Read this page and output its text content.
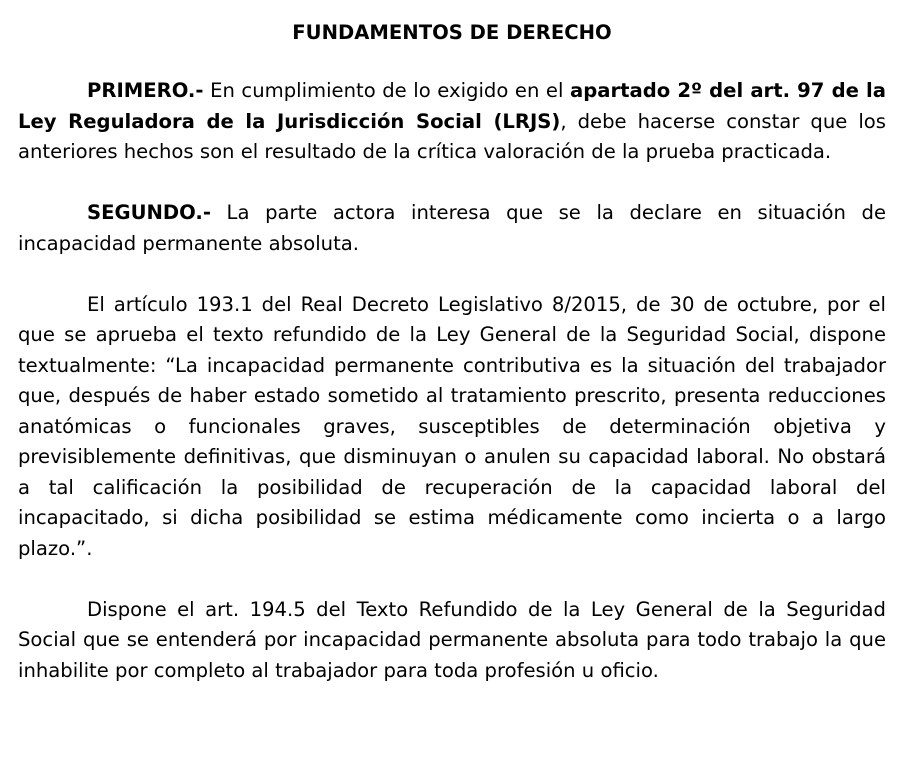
FUNDAMENTOS DE DERECHO

PRIMERO.- En cumplimiento de lo exigido en el apartado 2º del art. 97 de la Ley Reguladora de la Jurisdicción Social (LRJS), debe hacerse constar que los anteriores hechos son el resultado de la crítica valoración de la prueba practicada.

SEGUNDO.- La parte actora interesa que se la declare en situación de incapacidad permanente absoluta.

El artículo 193.1 del Real Decreto Legislativo 8/2015, de 30 de octubre, por el que se aprueba el texto refundido de la Ley General de la Seguridad Social, dispone textualmente: “La incapacidad permanente contributiva es la situación del trabajador que, después de haber estado sometido al tratamiento prescrito, presenta reducciones anatómicas o funcionales graves, susceptibles de determinación objetiva y previsiblemente definitivas, que disminuyan o anulen su capacidad laboral. No obstará a tal calificación la posibilidad de recuperación de la capacidad laboral del incapacitado, si dicha posibilidad se estima médicamente como incierta o a largo plazo.”.

Dispone el art. 194.5 del Texto Refundido de la Ley General de la Seguridad Social que se entenderá por incapacidad permanente absoluta para todo trabajo la que inhabilite por completo al trabajador para toda profesión u oficio.
